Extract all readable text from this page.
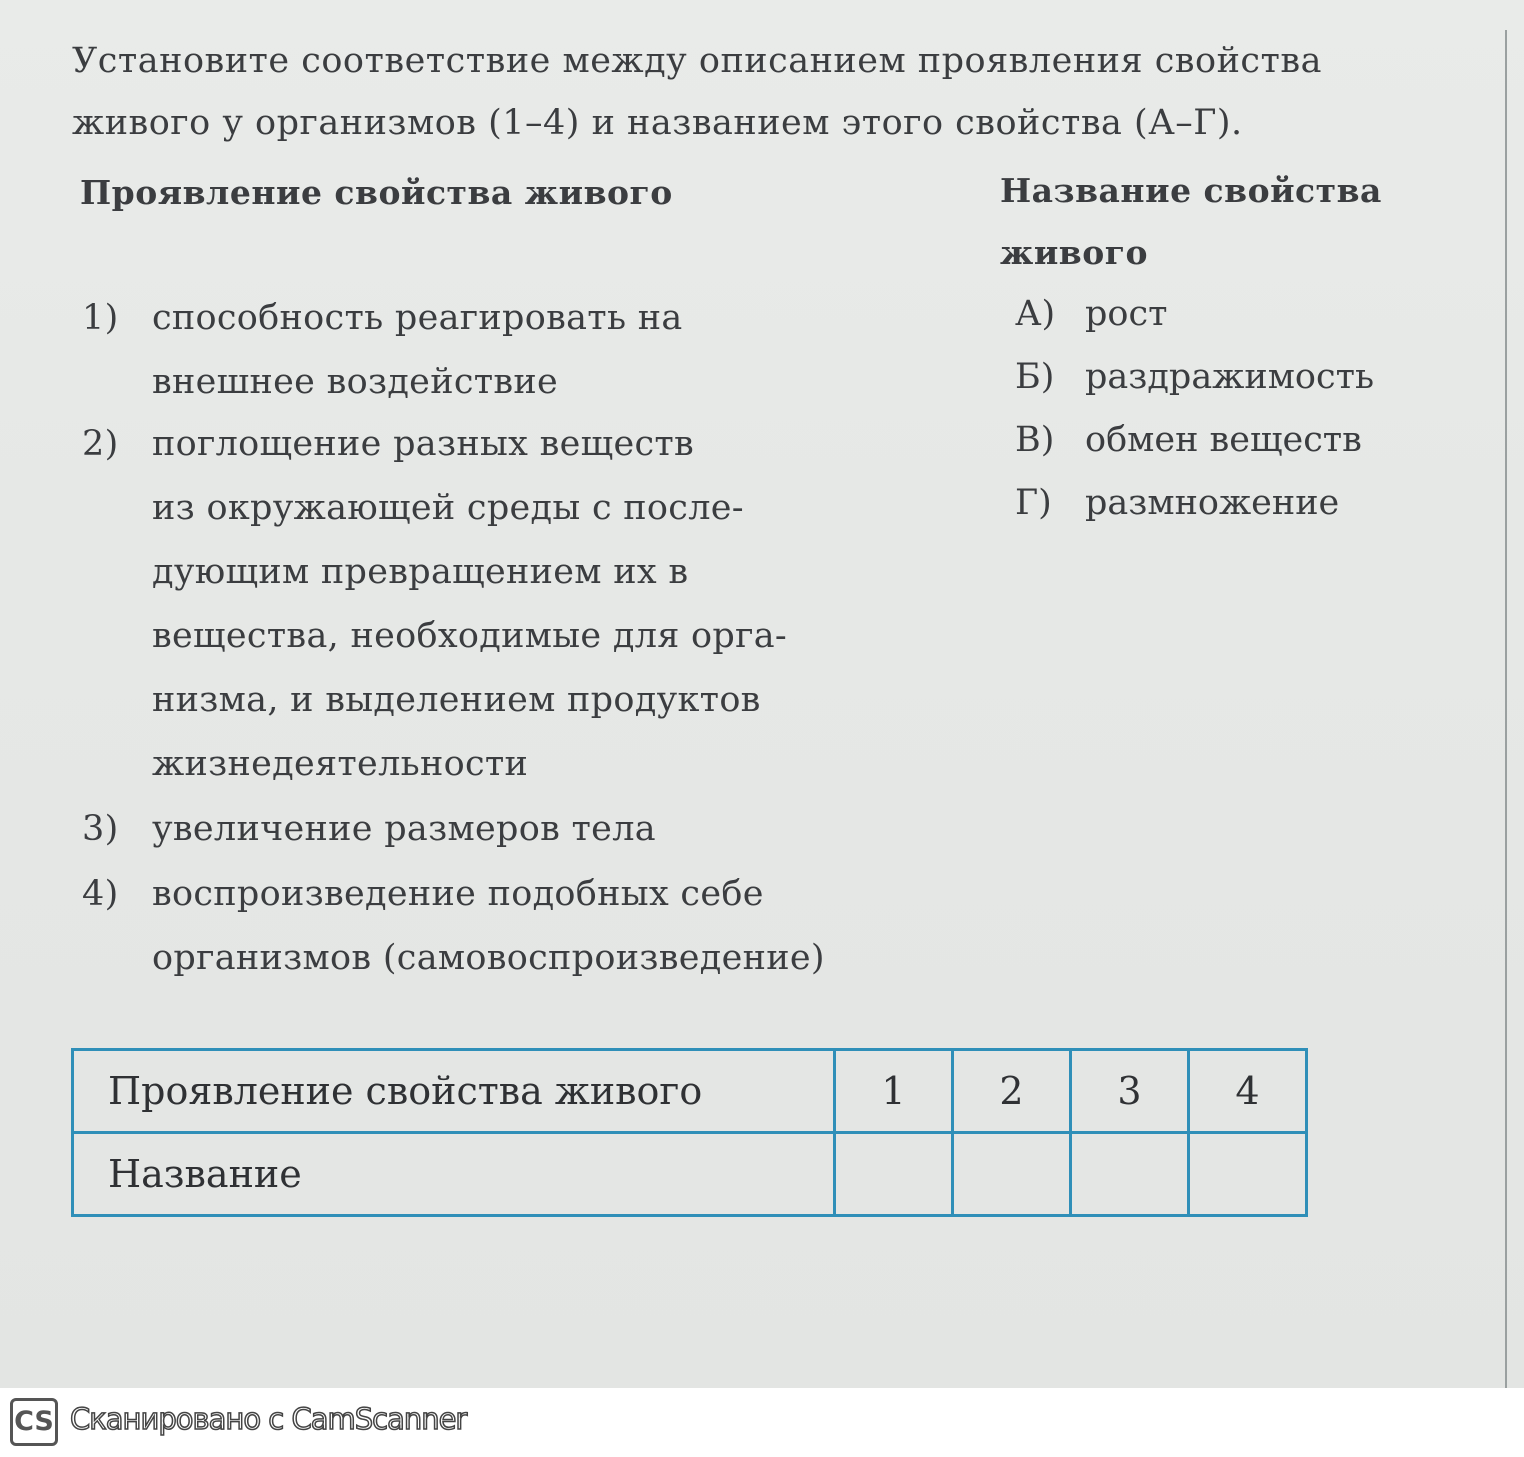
Установите соответствие между описанием проявления свойства
живого у организмов (1–4) и названием этого свойства (А–Г).
Проявление свойства живого	Название свойства
живого
1) способность реагировать на
внешнее воздействие
2) поглощение разных веществ
из окружающей среды с после-
дующим превращением их в
вещества, необходимые для орга-
низма, и выделением продуктов
жизнедеятельности
3) увеличение размеров тела
4) воспроизведение подобных себе
организмов (самовоспроизведение)
А) рост
Б) раздражимость
В) обмен веществ
Г) размножение
Проявление свойства живого	1	2	3	4
Название				
CS Сканировано с CamScanner
